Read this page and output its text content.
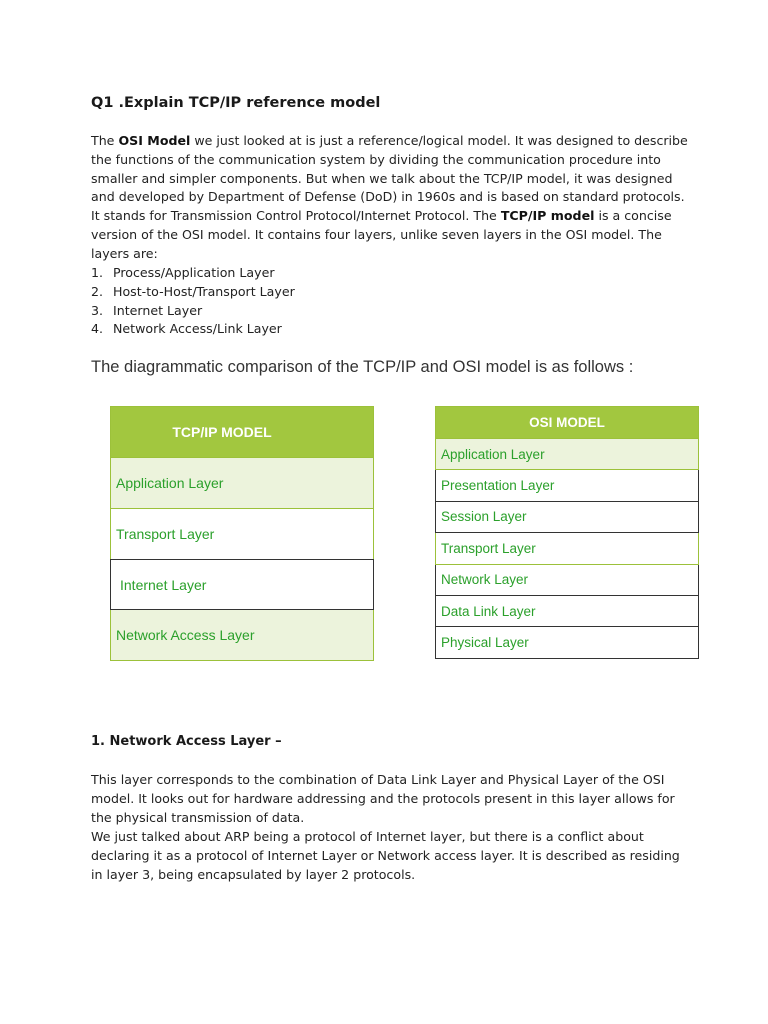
Q1 .Explain TCP/IP reference model
The OSI Model we just looked at is just a reference/logical model. It was designed to describe the functions of the communication system by dividing the communication procedure into smaller and simpler components. But when we talk about the TCP/IP model, it was designed and developed by Department of Defense (DoD) in 1960s and is based on standard protocols. It stands for Transmission Control Protocol/Internet Protocol. The TCP/IP model is a concise version of the OSI model. It contains four layers, unlike seven layers in the OSI model. The layers are:
1. Process/Application Layer
2. Host-to-Host/Transport Layer
3. Internet Layer
4. Network Access/Link Layer
The diagrammatic comparison of the TCP/IP and OSI model is as follows :
TCP/IP MODEL
Application Layer
Transport Layer
Internet Layer
Network Access Layer
OSI MODEL
Application Layer
Presentation Layer
Session Layer
Transport Layer
Network Layer
Data Link Layer
Physical Layer
1. Network Access Layer –
This layer corresponds to the combination of Data Link Layer and Physical Layer of the OSI model. It looks out for hardware addressing and the protocols present in this layer allows for the physical transmission of data.
We just talked about ARP being a protocol of Internet layer, but there is a conflict about declaring it as a protocol of Internet Layer or Network access layer. It is described as residing in layer 3, being encapsulated by layer 2 protocols.
